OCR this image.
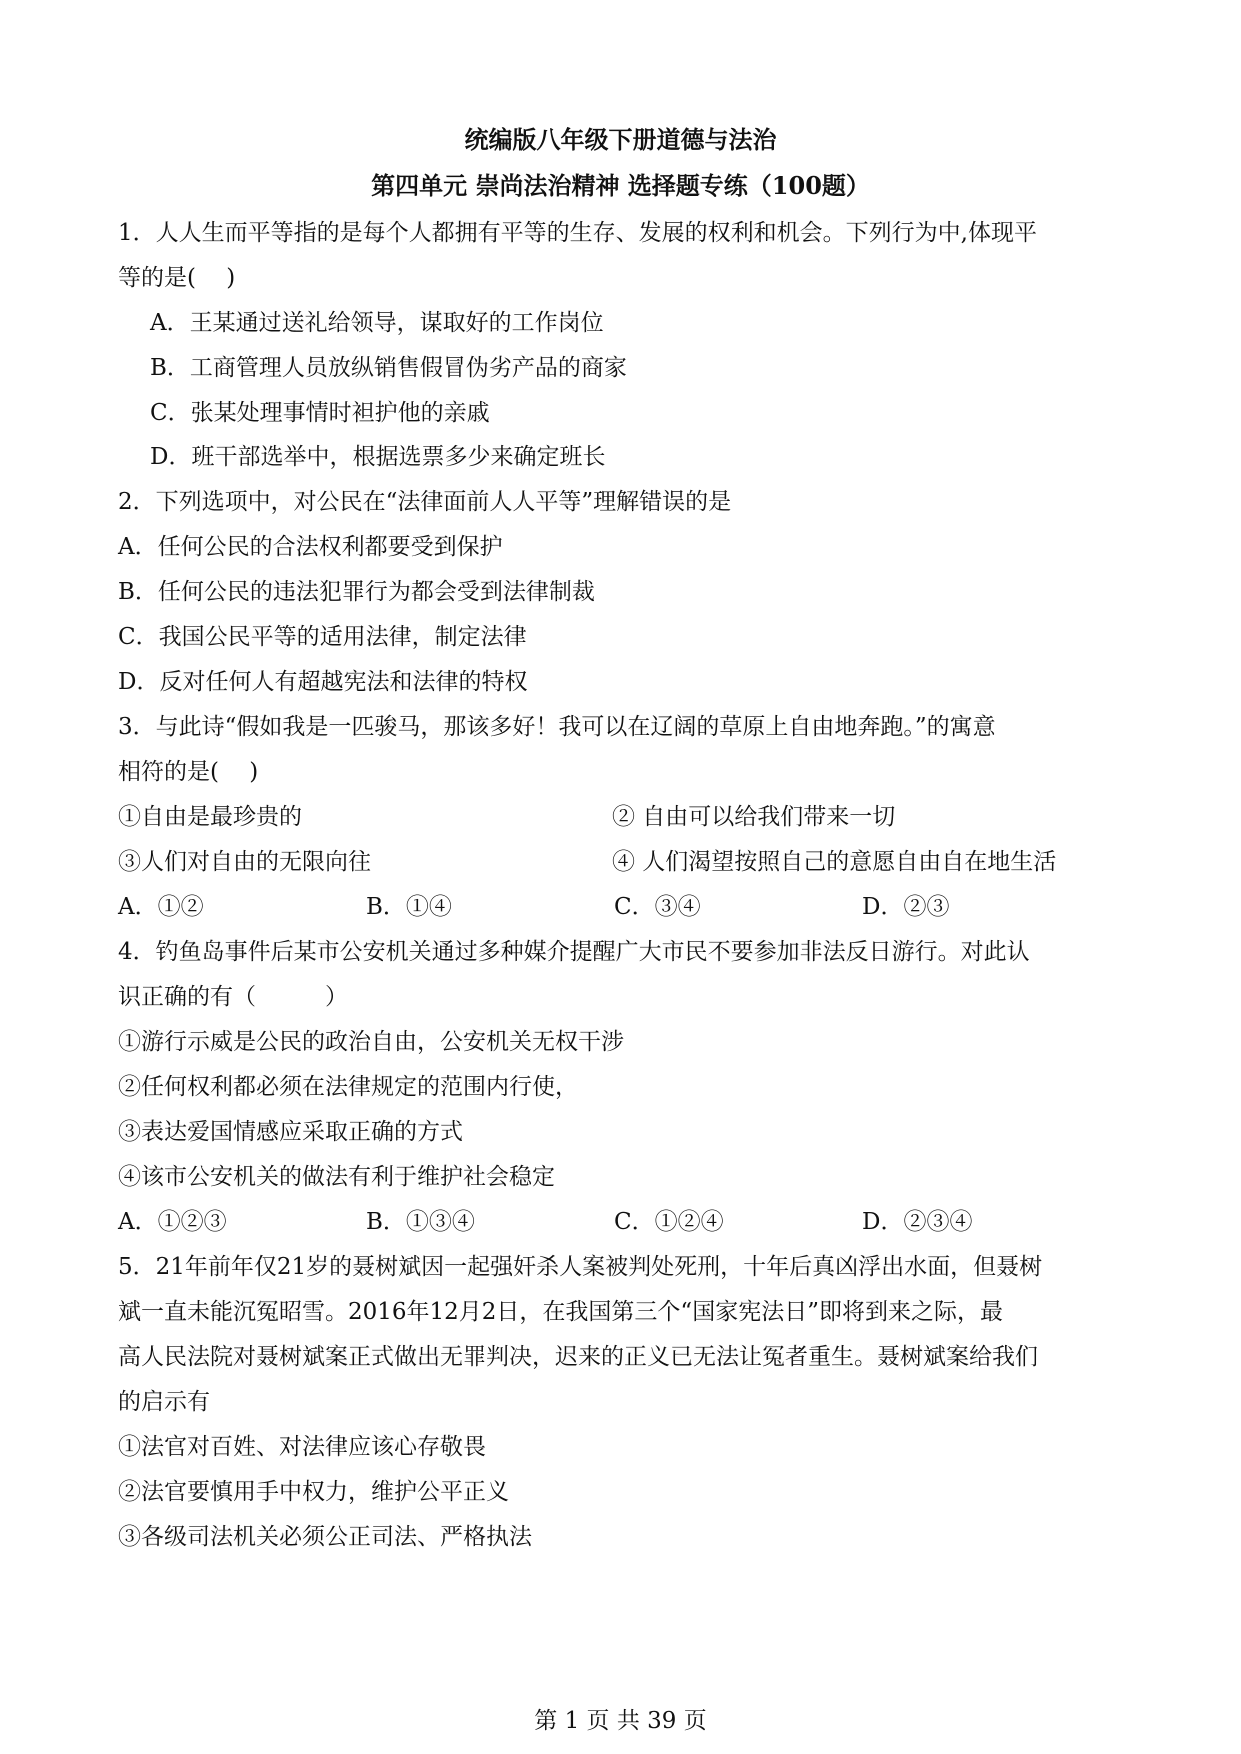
统编版八年级下册道德与法治
第四单元 崇尚法治精神 选择题专练（100题）
1．人人生而平等指的是每个人都拥有平等的生存、发展的权利和机会。下列行为中,体现平
等的是(　 )
A．王某通过送礼给领导，谋取好的工作岗位
B．工商管理人员放纵销售假冒伪劣产品的商家
C．张某处理事情时袒护他的亲戚
D．班干部选举中，根据选票多少来确定班长
2．下列选项中，对公民在“法律面前人人平等”理解错误的是
A．任何公民的合法权利都要受到保护
B．任何公民的违法犯罪行为都会受到法律制裁
C．我国公民平等的适用法律，制定法律
D．反对任何人有超越宪法和法律的特权
3．与此诗“假如我是一匹骏马，那该多好！我可以在辽阔的草原上自由地奔跑。”的寓意
相符的是(　 )
①自由是最珍贵的	② 自由可以给我们带来一切
③人们对自由的无限向往	④ 人们渴望按照自己的意愿自由自在地生活
A．①②	B．①④	C．③④	D．②③
4．钓鱼岛事件后某市公安机关通过多种媒介提醒广大市民不要参加非法反日游行。对此认
识正确的有（　　　）
①游行示威是公民的政治自由，公安机关无权干涉
②任何权利都必须在法律规定的范围内行使，
③表达爱国情感应采取正确的方式
④该市公安机关的做法有利于维护社会稳定
A．①②③	B．①③④	C．①②④	D．②③④
5．21年前年仅21岁的聂树斌因一起强奸杀人案被判处死刑，十年后真凶浮出水面，但聂树
斌一直未能沉冤昭雪。2016年12月2日，在我国第三个“国家宪法日”即将到来之际，最
高人民法院对聂树斌案正式做出无罪判决，迟来的正义已无法让冤者重生。聂树斌案给我们
的启示有
①法官对百姓、对法律应该心存敬畏
②法官要慎用手中权力，维护公平正义
③各级司法机关必须公正司法、严格执法
第 1 页 共 39 页
